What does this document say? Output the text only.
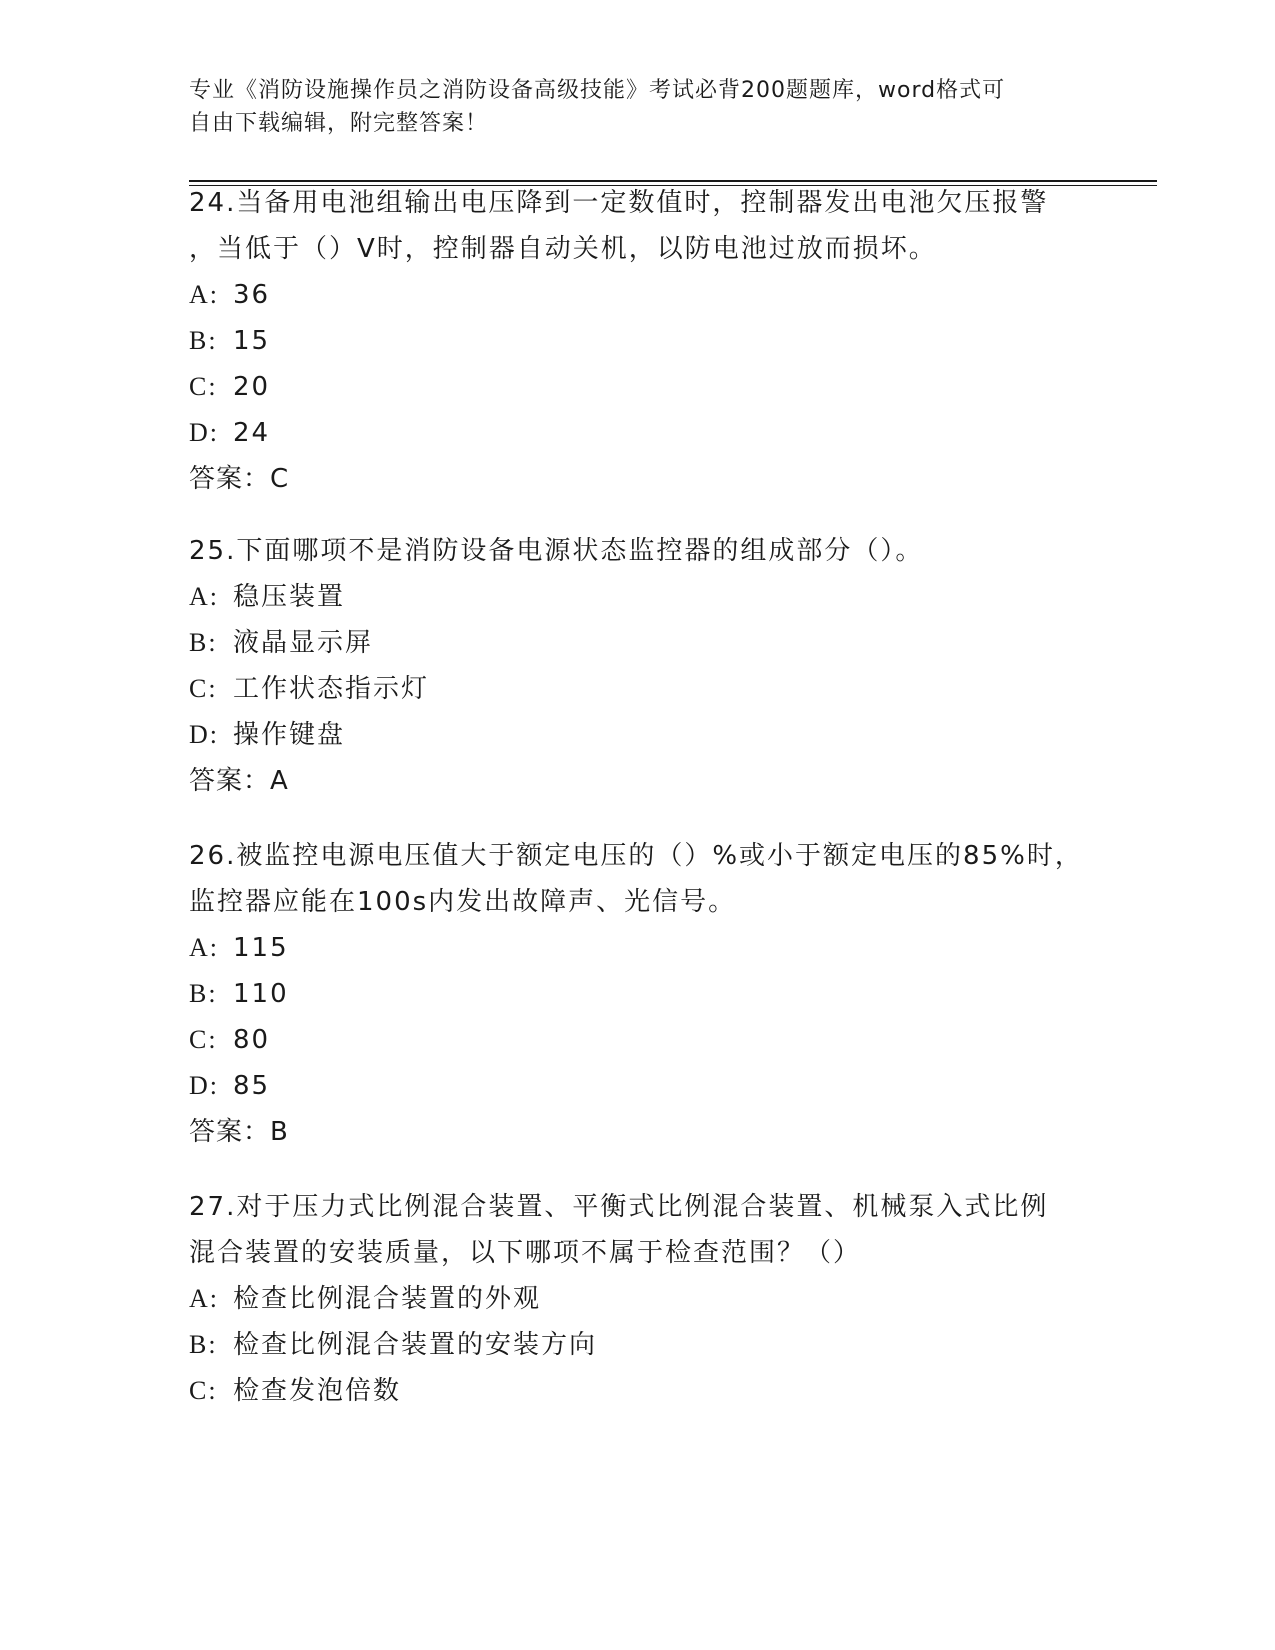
专业《消防设施操作员之消防设备高级技能》考试必背200题题库，word格式可
自由下载编辑，附完整答案！
24.当备用电池组输出电压降到一定数值时，控制器发出电池欠压报警
，当低于（）V时，控制器自动关机，以防电池过放而损坏。
A: 36
B: 15
C: 20
D: 24
答案：C
25.下面哪项不是消防设备电源状态监控器的组成部分（）。
A: 稳压装置
B: 液晶显示屏
C: 工作状态指示灯
D: 操作键盘
答案：A
26.被监控电源电压值大于额定电压的（）%或小于额定电压的85%时，
监控器应能在100s内发出故障声、光信号。
A: 115
B: 110
C: 80
D: 85
答案：B
27.对于压力式比例混合装置、平衡式比例混合装置、机械泵入式比例
混合装置的安装质量，以下哪项不属于检查范围？（）
A: 检查比例混合装置的外观
B: 检查比例混合装置的安装方向
C: 检查发泡倍数
